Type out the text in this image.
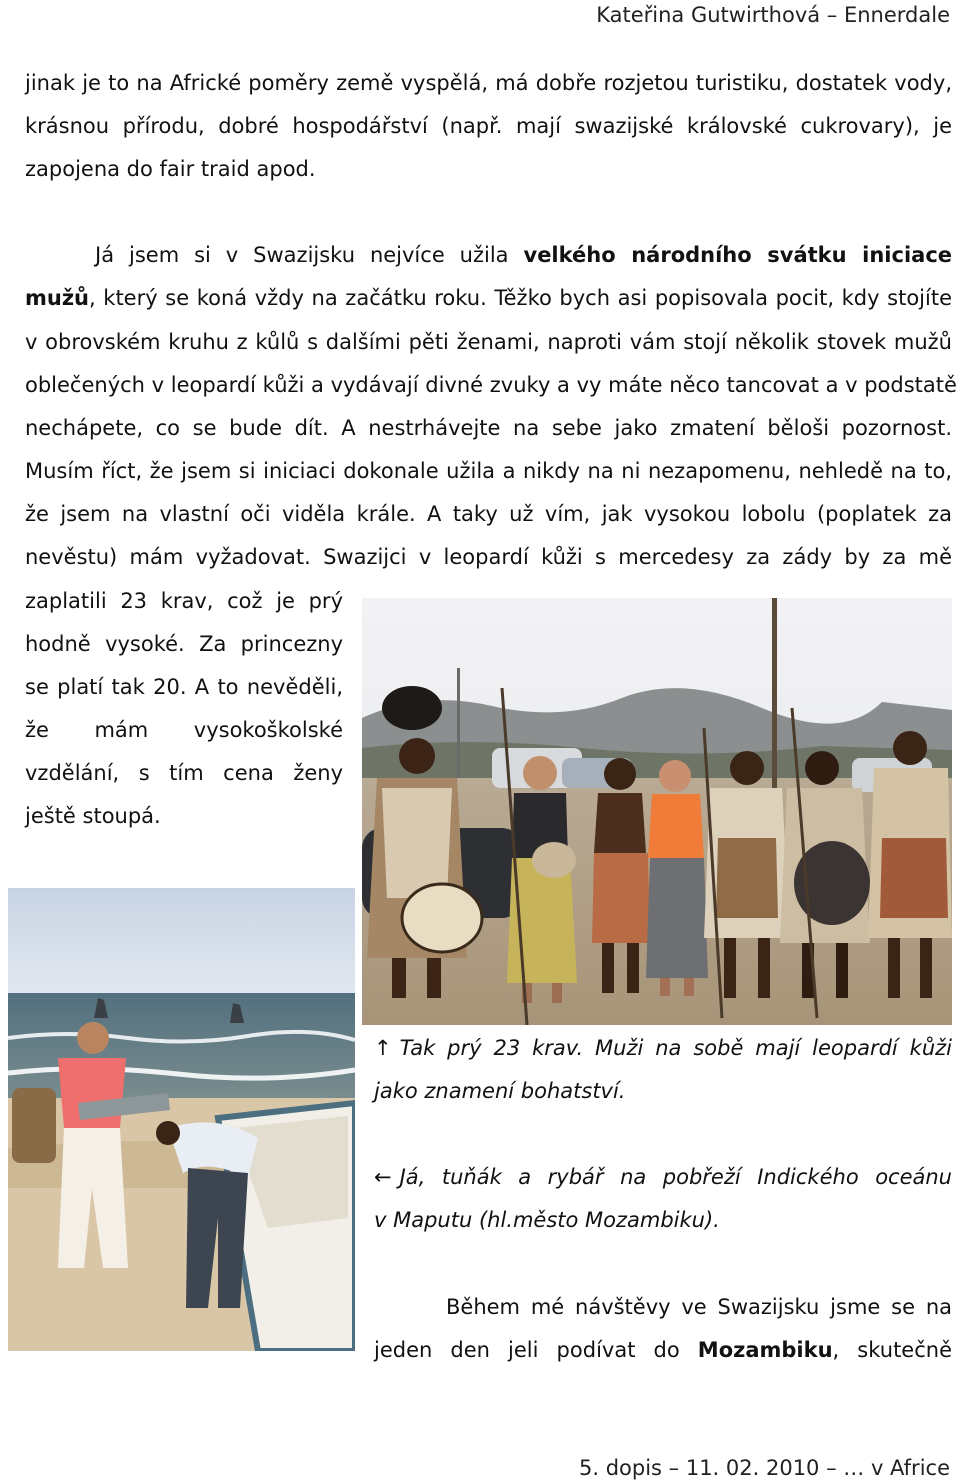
Kateřina Gutwirthová – Ennerdale
jinak je to na Africké poměry země vyspělá, má dobře rozjetou turistiku, dostatek vody,
krásnou přírodu, dobré hospodářství (např. mají swazijské královské cukrovary), je
zapojena do fair traid apod.
Já jsem si v Swazijsku nejvíce užila velkého národního svátku iniciace
mužů, který se koná vždy na začátku roku. Těžko bych asi popisovala pocit, kdy stojíte
v obrovském kruhu z kůlů s dalšími pěti ženami, naproti vám stojí několik stovek mužů
oblečených v leopardí kůži a vydávají divné zvuky a vy máte něco tancovat a v podstatě
nechápete, co se bude dít. A nestrhávejte na sebe jako zmatení běloši pozornost.
Musím říct, že jsem si iniciaci dokonale užila a nikdy na ni nezapomenu, nehledě na to,
že jsem na vlastní oči viděla krále. A taky už vím, jak vysokou lobolu (poplatek za
nevěstu) mám vyžadovat. Swazijci v leopardí kůži s mercedesy za zády by za mě
zaplatili 23 krav, což je prý
hodně vysoké. Za princezny
se platí tak 20. A to nevěděli,
že mám vysokoškolské
vzdělání, s tím cena ženy
ještě stoupá.
↑ Tak prý 23 krav. Muži na sobě mají leopardí kůži
jako znamení bohatství.
← Já, tuňák a rybář na pobřeží Indického oceánu
v Maputu (hl.město Mozambiku).
Během mé návštěvy ve Swazijsku jsme se na
jeden den jeli podívat do Mozambiku, skutečně
5. dopis – 11. 02. 2010 – … v Africe
